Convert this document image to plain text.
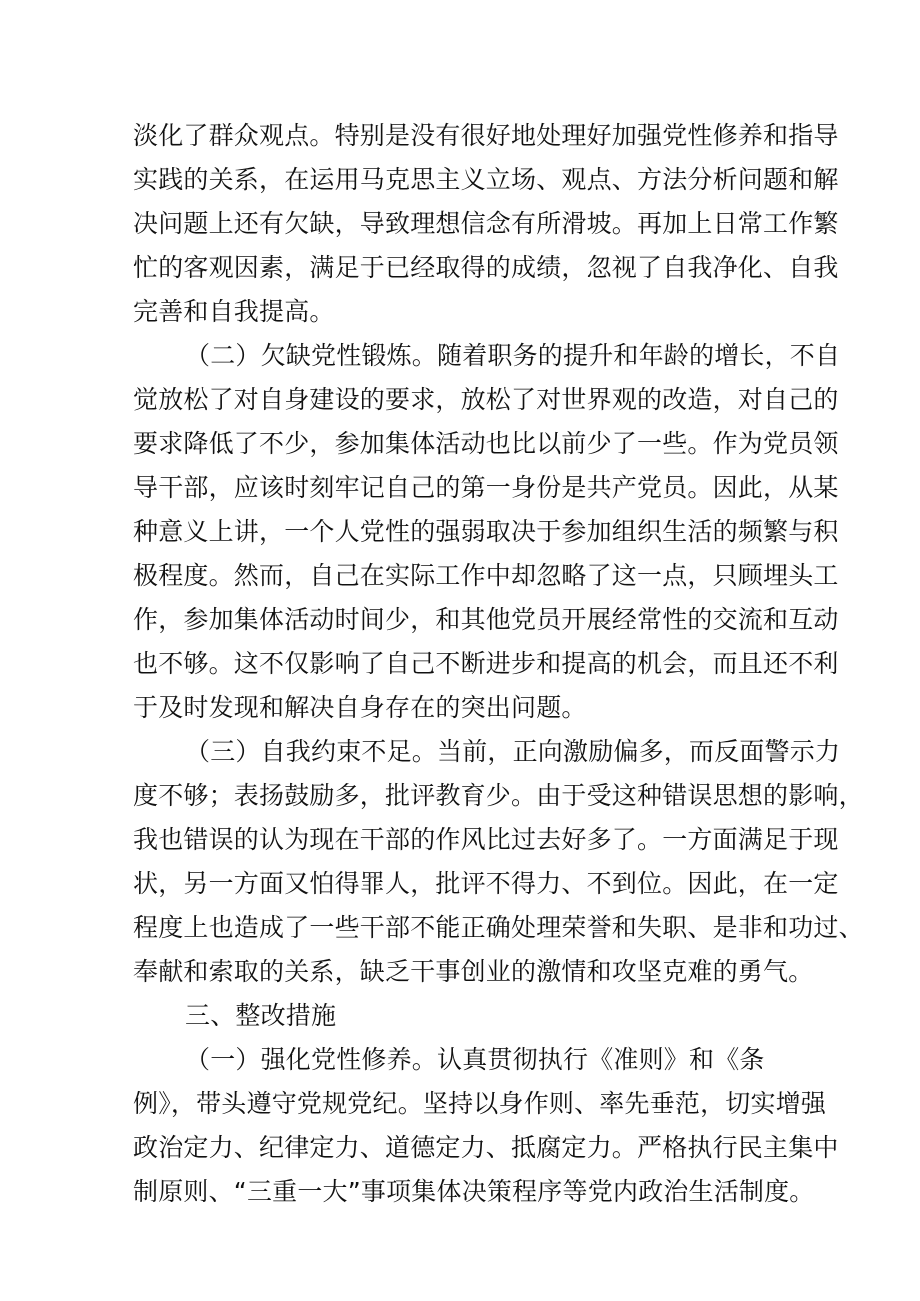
淡化了群众观点。特别是没有很好地处理好加强党性修养和指导
实践的关系，在运用马克思主义立场、观点、方法分析问题和解
决问题上还有欠缺，导致理想信念有所滑坡。再加上日常工作繁
忙的客观因素，满足于已经取得的成绩，忽视了自我净化、自我
完善和自我提高。
（二）欠缺党性锻炼。随着职务的提升和年龄的增长，不自
觉放松了对自身建设的要求，放松了对世界观的改造，对自己的
要求降低了不少，参加集体活动也比以前少了一些。作为党员领
导干部，应该时刻牢记自己的第一身份是共产党员。因此，从某
种意义上讲，一个人党性的强弱取决于参加组织生活的频繁与积
极程度。然而，自己在实际工作中却忽略了这一点，只顾埋头工
作，参加集体活动时间少，和其他党员开展经常性的交流和互动
也不够。这不仅影响了自己不断进步和提高的机会，而且还不利
于及时发现和解决自身存在的突出问题。
（三）自我约束不足。当前，正向激励偏多，而反面警示力
度不够；表扬鼓励多，批评教育少。由于受这种错误思想的影响，
我也错误的认为现在干部的作风比过去好多了。一方面满足于现
状，另一方面又怕得罪人，批评不得力、不到位。因此，在一定
程度上也造成了一些干部不能正确处理荣誉和失职、是非和功过、
奉献和索取的关系，缺乏干事创业的激情和攻坚克难的勇气。
三、整改措施
（一）强化党性修养。认真贯彻执行《准则》和《条
例》，带头遵守党规党纪。坚持以身作则、率先垂范，切实增强
政治定力、纪律定力、道德定力、抵腐定力。严格执行民主集中
制原则、“三重一大”事项集体决策程序等党内政治生活制度。
